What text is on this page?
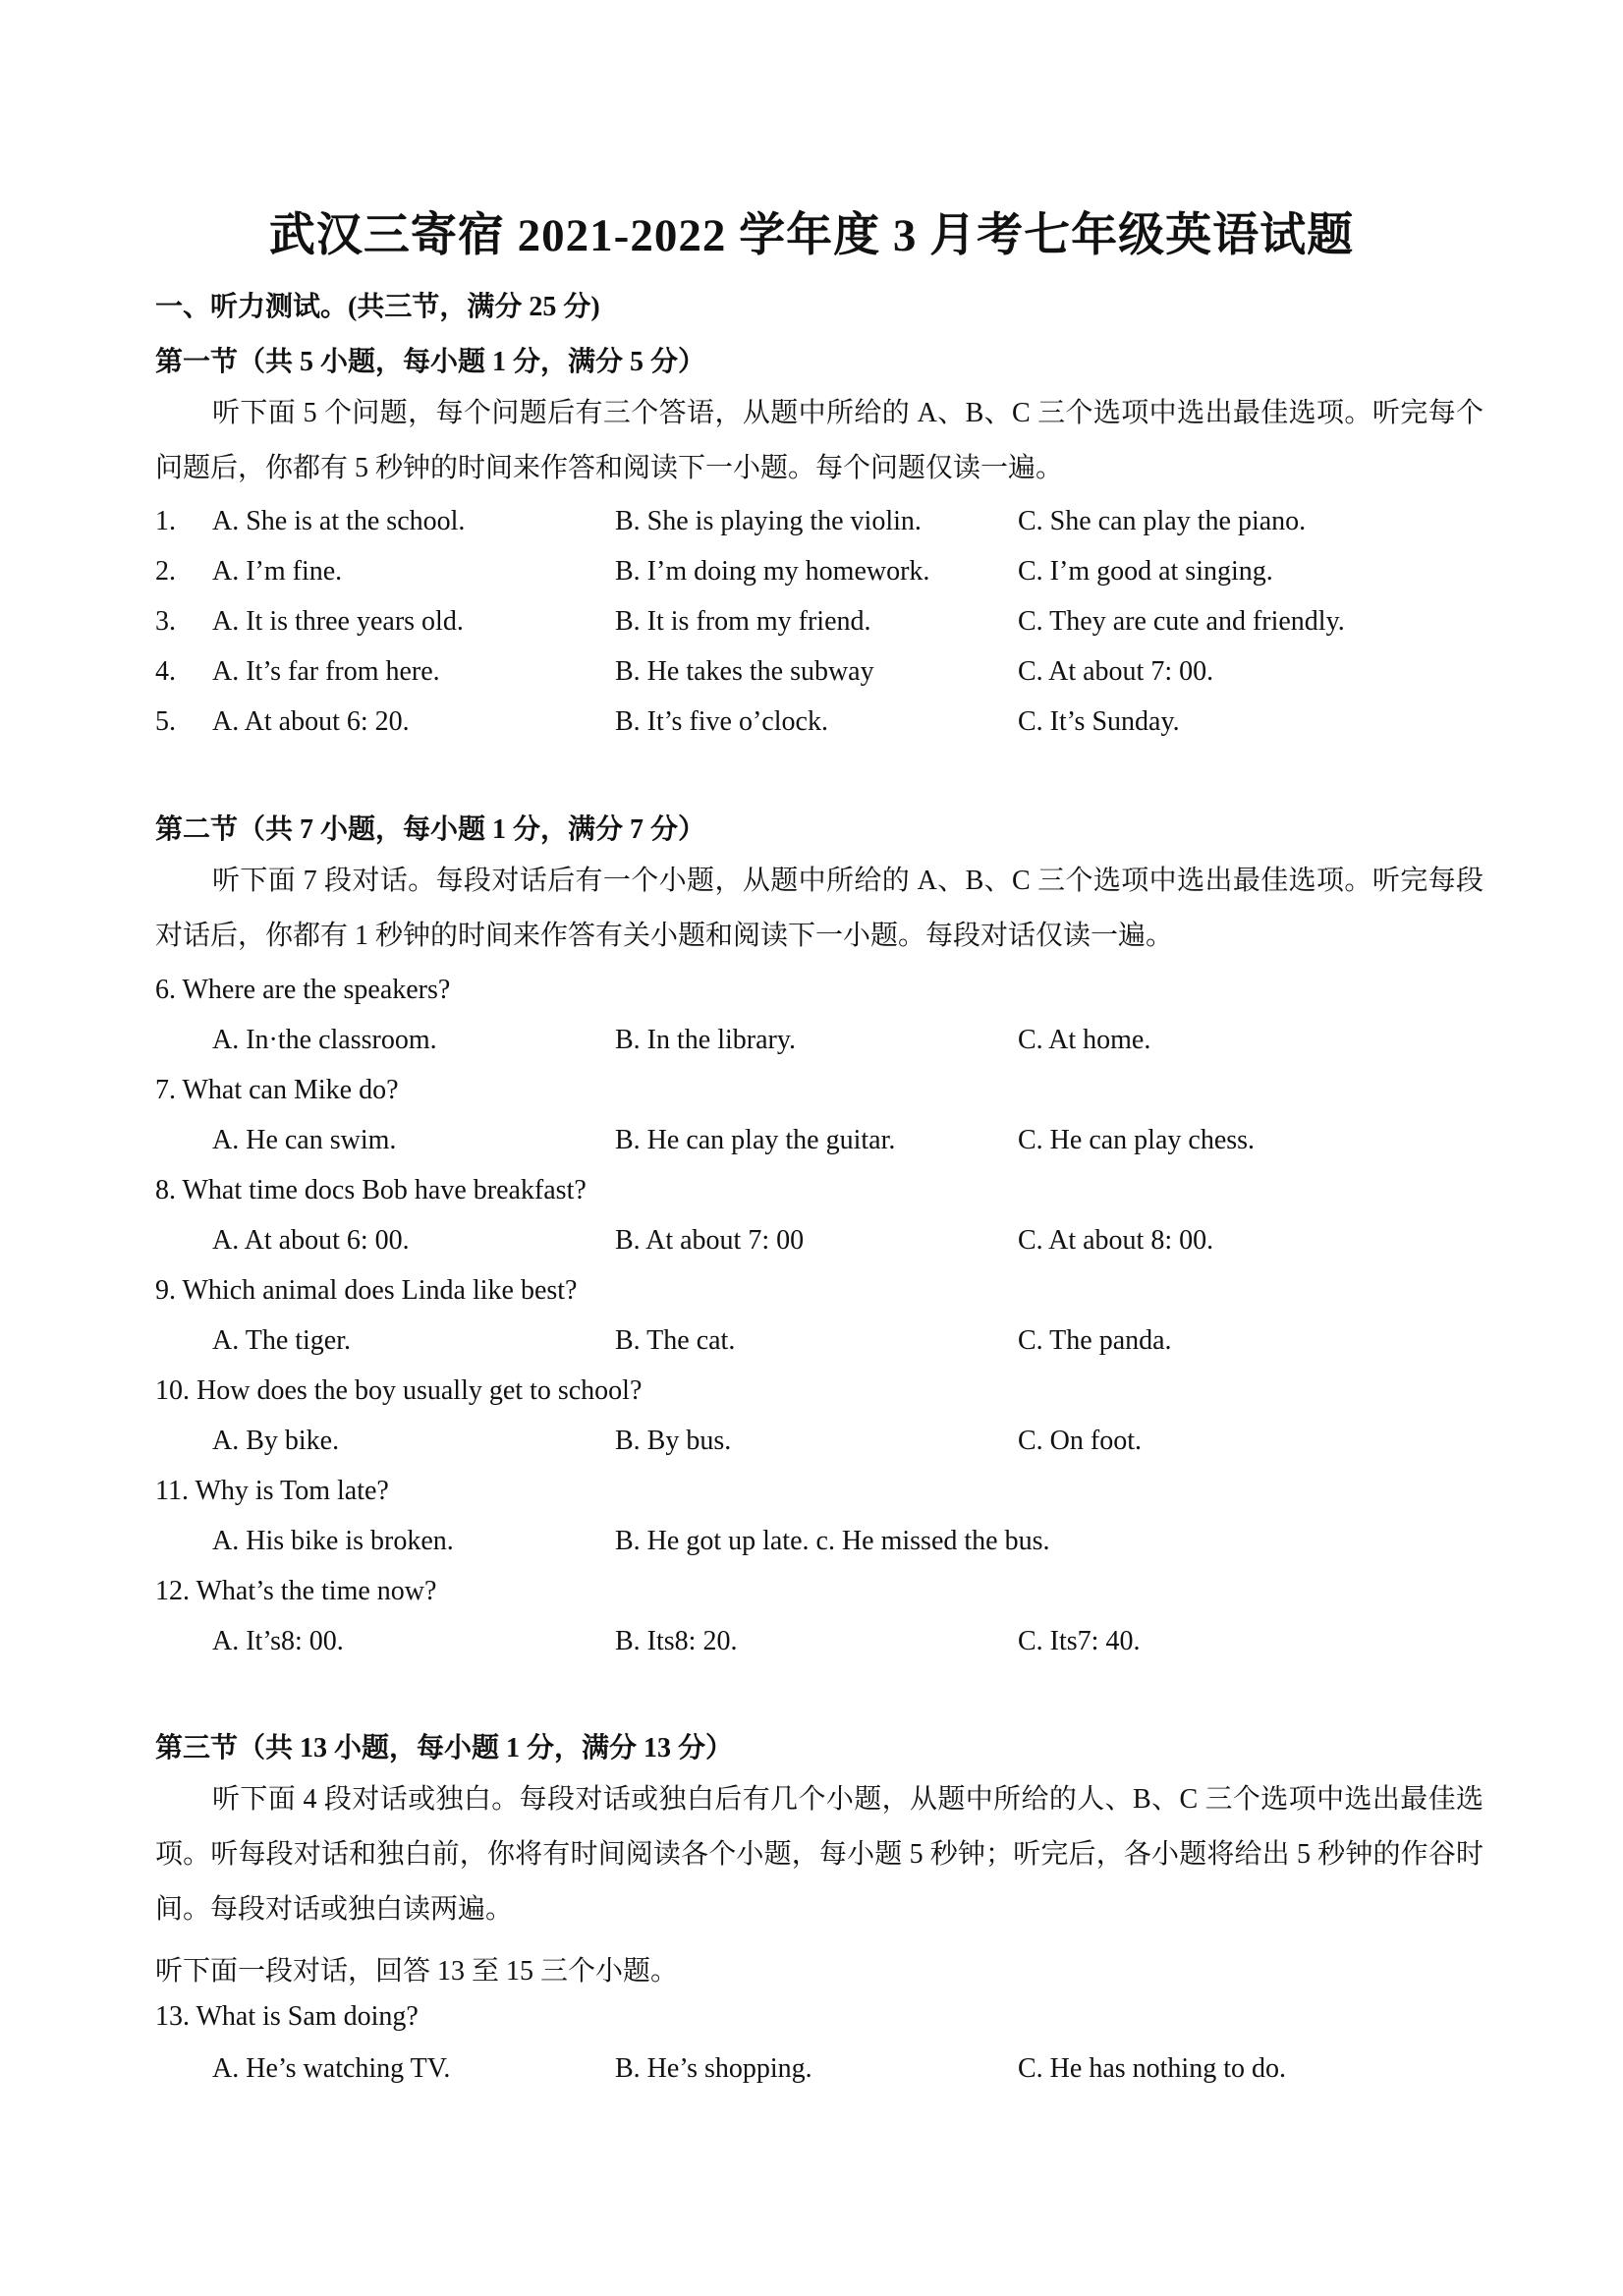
武汉三寄宿 2021-2022 学年度 3 月考七年级英语试题
一、听力测试。(共三节，满分 25 分)
第一节（共 5 小题，每小题 1 分，满分 5 分）
听下面 5 个问题，每个问题后有三个答语，从题中所给的 A、B、C 三个选项中选出最佳选项。听完每个问题后，你都有 5 秒钟的时间来作答和阅读下一小题。每个问题仅读一遍。
1. A. She is at the school.	B. She is playing the violin.	C. She can play the piano.
2. A. I’m fine.	B. I’m doing my homework.	C. I’m good at singing.
3. A. It is three years old.	B. It is from my friend.	C. They are cute and friendly.
4. A. It’s far from here.	B. He takes the subway	C. At about 7: 00.
5. A. At about 6: 20.	B. It’s five o’clock.	C. It’s Sunday.
第二节（共 7 小题，每小题 1 分，满分 7 分）
听下面 7 段对话。每段对话后有一个小题，从题中所给的 A、B、C 三个选项中选出最佳选项。听完每段对话后，你都有 1 秒钟的时间来作答有关小题和阅读下一小题。每段对话仅读一遍。
6. Where are the speakers?
A. In·the classroom.	B. In the library.	C. At home.
7. What can Mike do?
A. He can swim.	B. He can play the guitar.	C. He can play chess.
8. What time docs Bob have breakfast?
A. At about 6: 00.	B. At about 7: 00	C. At about 8: 00.
9. Which animal does Linda like best?
A. The tiger.	B. The cat.	C. The panda.
10. How does the boy usually get to school?
A. By bike.	B. By bus.	C. On foot.
11. Why is Tom late?
A. His bike is broken.	B. He got up late. c. He missed the bus.
12. What’s the time now?
A. It’s8: 00.	B. Its8: 20.	C. Its7: 40.
第三节（共 13 小题，每小题 1 分，满分 13 分）
听下面 4 段对话或独白。每段对话或独白后有几个小题，从题中所给的人、B、C 三个选项中选出最佳选项。听每段对话和独白前，你将有时间阅读各个小题，每小题 5 秒钟；听完后，各小题将给出 5 秒钟的作谷时间。每段对话或独白读两遍。
听下面一段对话，回答 13 至 15 三个小题。
13. What is Sam doing?
A. He’s watching TV.	B. He’s shopping.	C. He has nothing to do.
